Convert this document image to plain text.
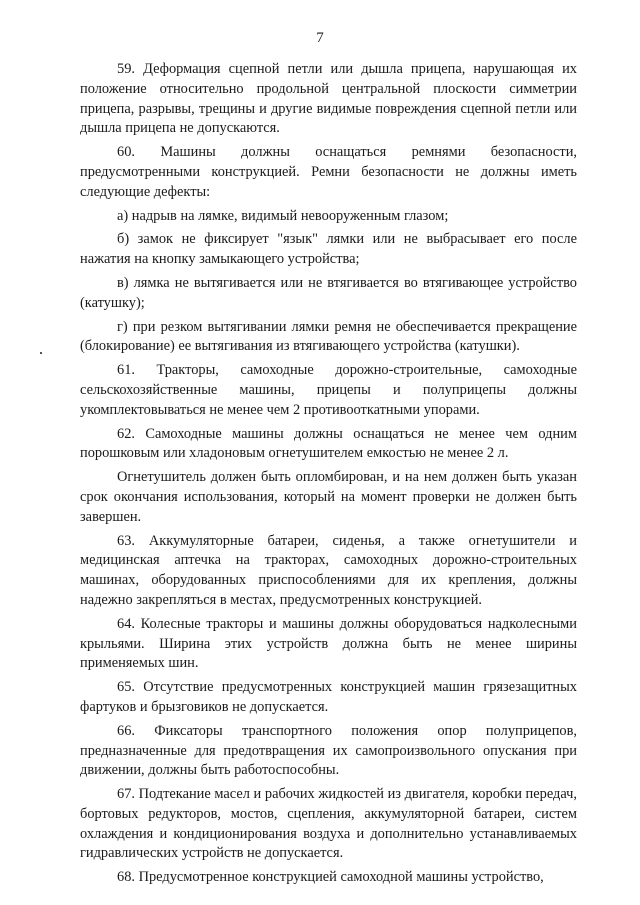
7

59. Деформация сцепной петли или дышла прицепа, нарушающая их положение относительно продольной центральной плоскости симметрии прицепа, разрывы, трещины и другие видимые повреждения сцепной петли или дышла прицепа не допускаются.

60. Машины должны оснащаться ремнями безопасности, предусмотренными конструкцией. Ремни безопасности не должны иметь следующие дефекты:

а) надрыв на лямке, видимый невооруженным глазом;

б) замок не фиксирует "язык" лямки или не выбрасывает его после нажатия на кнопку замыкающего устройства;

в) лямка не вытягивается или не втягивается во втягивающее устройство (катушку);

г) при резком вытягивании лямки ремня не обеспечивается прекращение (блокирование) ее вытягивания из втягивающего устройства (катушки).

61. Тракторы, самоходные дорожно-строительные, самоходные сельскохозяйственные машины, прицепы и полуприцепы должны укомплектовываться не менее чем 2 противооткатными упорами.

62. Самоходные машины должны оснащаться не менее чем одним порошковым или хладоновым огнетушителем емкостью не менее 2 л.

Огнетушитель должен быть опломбирован, и на нем должен быть указан срок окончания использования, который на момент проверки не должен быть завершен.

63. Аккумуляторные батареи, сиденья, а также огнетушители и медицинская аптечка на тракторах, самоходных дорожно-строительных машинах, оборудованных приспособлениями для их крепления, должны надежно закрепляться в местах, предусмотренных конструкцией.

64. Колесные тракторы и машины должны оборудоваться надколесными крыльями. Ширина этих устройств должна быть не менее ширины применяемых шин.

65. Отсутствие предусмотренных конструкцией машин грязезащитных фартуков и брызговиков не допускается.

66. Фиксаторы транспортного положения опор полуприцепов, предназначенные для предотвращения их самопроизвольного опускания при движении, должны быть работоспособны.

67. Подтекание масел и рабочих жидкостей из двигателя, коробки передач, бортовых редукторов, мостов, сцепления, аккумуляторной батареи, систем охлаждения и кондиционирования воздуха и дополнительно устанавливаемых гидравлических устройств не допускается.

68. Предусмотренное конструкцией самоходной машины устройство,
